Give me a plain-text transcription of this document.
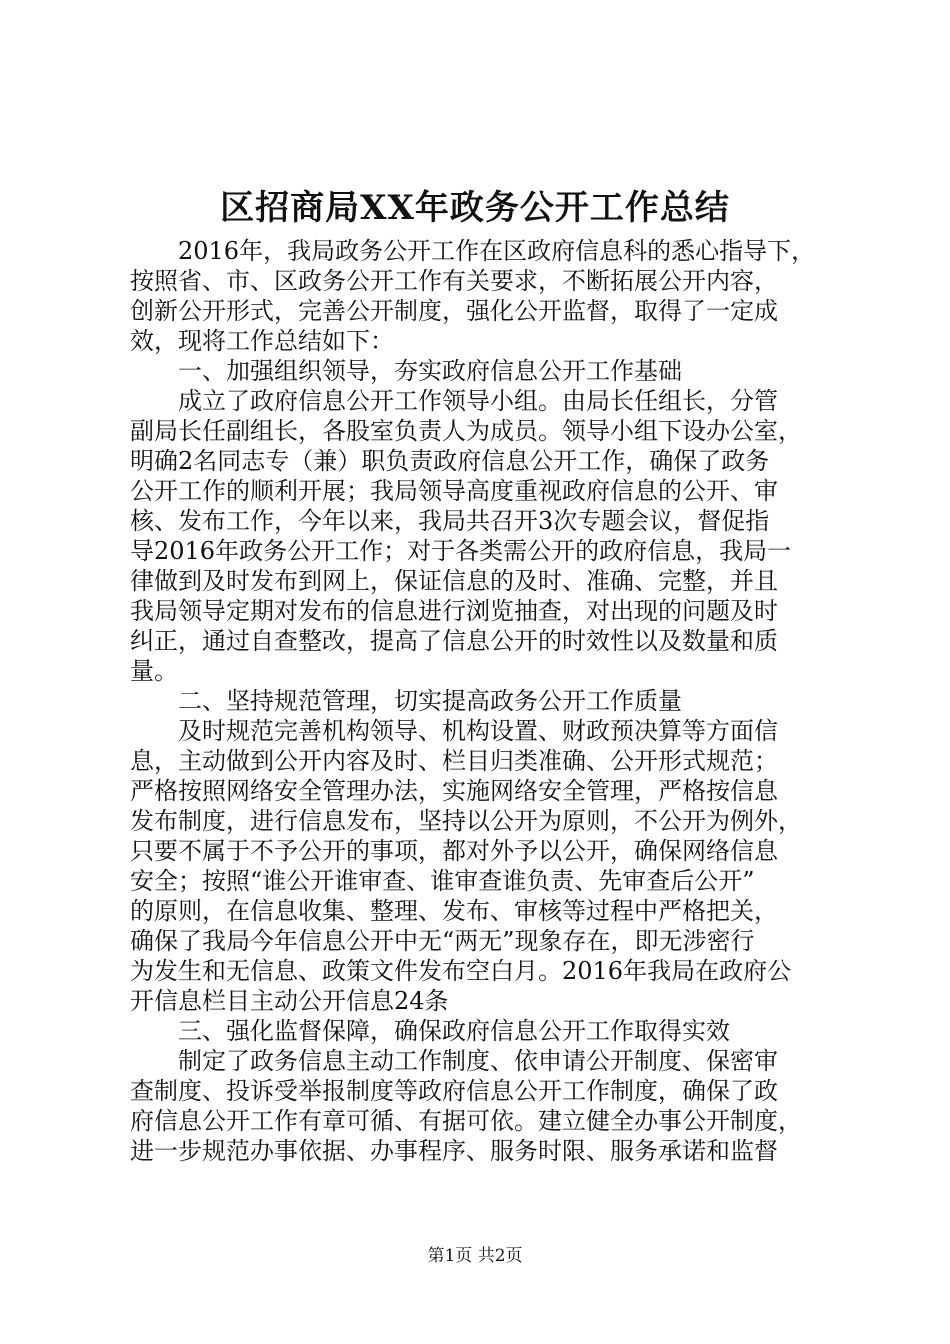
区招商局XX年政务公开工作总结
2016年，我局政务公开工作在区政府信息科的悉心指导下，
按照省、市、区政务公开工作有关要求，不断拓展公开内容，
创新公开形式，完善公开制度，强化公开监督，取得了一定成
效，现将工作总结如下：
一、加强组织领导，夯实政府信息公开工作基础
成立了政府信息公开工作领导小组。由局长任组长，分管
副局长任副组长，各股室负责人为成员。领导小组下设办公室，
明确2名同志专（兼）职负责政府信息公开工作，确保了政务
公开工作的顺利开展；我局领导高度重视政府信息的公开、审
核、发布工作，今年以来，我局共召开3次专题会议，督促指
导2016年政务公开工作；对于各类需公开的政府信息，我局一
律做到及时发布到网上，保证信息的及时、准确、完整，并且
我局领导定期对发布的信息进行浏览抽查，对出现的问题及时
纠正，通过自查整改，提高了信息公开的时效性以及数量和质
量。
二、坚持规范管理，切实提高政务公开工作质量
及时规范完善机构领导、机构设置、财政预决算等方面信
息，主动做到公开内容及时、栏目归类准确、公开形式规范；
严格按照网络安全管理办法，实施网络安全管理，严格按信息
发布制度，进行信息发布，坚持以公开为原则，不公开为例外，
只要不属于不予公开的事项，都对外予以公开，确保网络信息
安全；按照“谁公开谁审查、谁审查谁负责、先审查后公开”
的原则，在信息收集、整理、发布、审核等过程中严格把关，
确保了我局今年信息公开中无“两无”现象存在，即无涉密行
为发生和无信息、政策文件发布空白月。2016年我局在政府公
开信息栏目主动公开信息24条
三、强化监督保障，确保政府信息公开工作取得实效
制定了政务信息主动工作制度、依申请公开制度、保密审
查制度、投诉受举报制度等政府信息公开工作制度，确保了政
府信息公开工作有章可循、有据可依。建立健全办事公开制度，
进一步规范办事依据、办事程序、服务时限、服务承诺和监督
第1页 共2页
